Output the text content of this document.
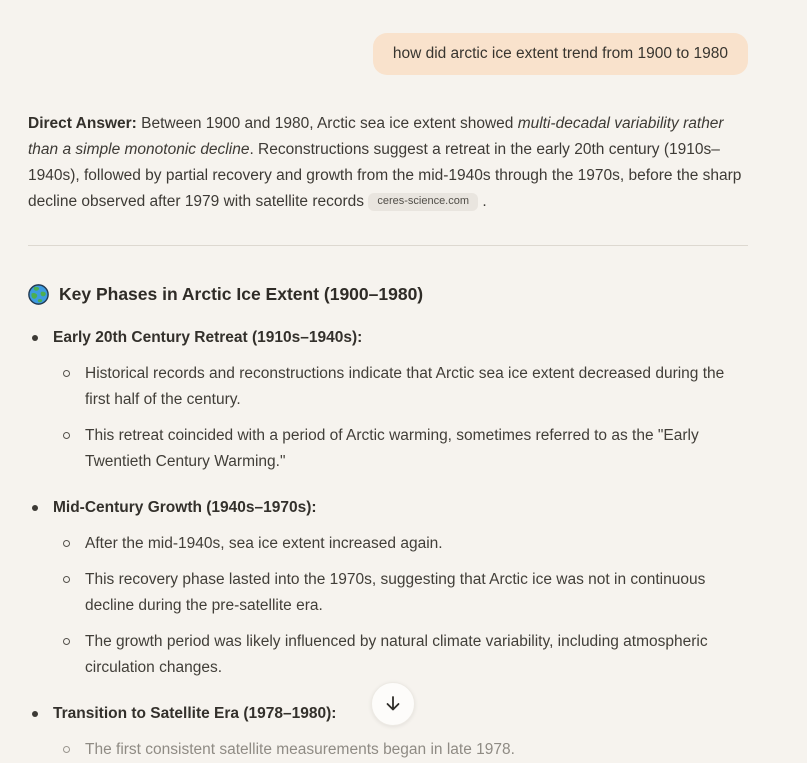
how did arctic ice extent trend from 1900 to 1980
Direct Answer: Between 1900 and 1980, Arctic sea ice extent showed multi-decadal variability rather than a simple monotonic decline. Reconstructions suggest a retreat in the early 20th century (1910s–1940s), followed by partial recovery and growth from the mid-1940s through the 1970s, before the sharp decline observed after 1979 with satellite records ceres-science.com .
Key Phases in Arctic Ice Extent (1900–1980)
Early 20th Century Retreat (1910s–1940s):
Historical records and reconstructions indicate that Arctic sea ice extent decreased during the first half of the century.
This retreat coincided with a period of Arctic warming, sometimes referred to as the "Early Twentieth Century Warming."
Mid-Century Growth (1940s–1970s):
After the mid-1940s, sea ice extent increased again.
This recovery phase lasted into the 1970s, suggesting that Arctic ice was not in continuous decline during the pre-satellite era.
The growth period was likely influenced by natural climate variability, including atmospheric circulation changes.
Transition to Satellite Era (1978–1980):
The first consistent satellite measurements began in late 1978.
